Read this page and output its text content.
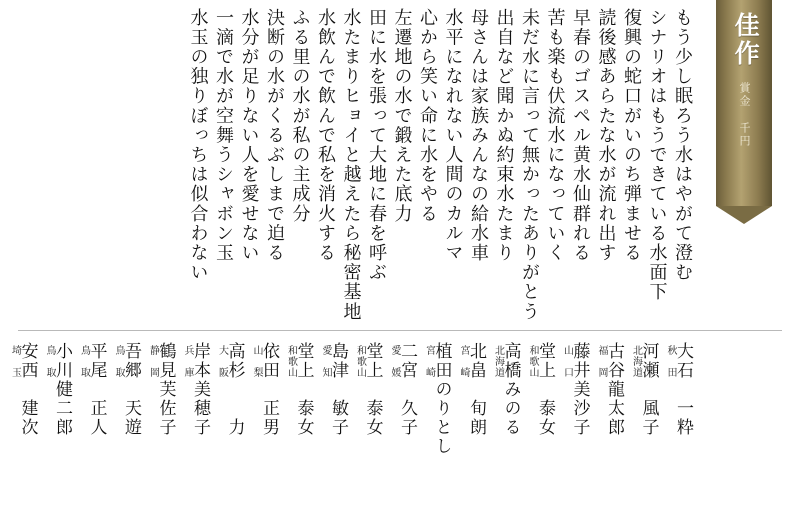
佳作
賞金 千円
もう少し眠ろう水はやがて澄む
シナリオはもうできている水面下
復興の蛇口がいのち弾ませる
読後感あらたな水が流れ出す
早春のゴスペル黄水仙群れる
苦も楽も伏流水になっていく
未だ水に言って無かったありがとう
出自など聞かぬ約束水たまり
母さんは家族みんなの給水車
水平になれない人間のカルマ
心から笑い命に水をやる
左遷地の水で鍛えた底力
田に水を張って大地に春を呼ぶ
水たまりヒョイと越えたら秘密基地
水飲んで飲んで私を消火する
ふる里の水が私の主成分
決断の水がくるぶしまで迫る
水分が足りない人を愛せない
一滴で水が空舞うシャボン玉
水玉の独りぼっちは似合わない
大石　一粋
秋　田
河瀬　風子
北海道
古谷龍太郎
福　岡
藤井美沙子
山　口
堂上　泰女
和歌山
高橋みのる
北海道
北畠　旬朗
宮　崎
植田のりとし
宮　崎
二宮　久子
愛　媛
堂上　泰女
和歌山
島津　敏子
愛　知
堂上　泰女
和歌山
依田　正男
山　梨
高杉　　力
大　阪
岸本美穂子
兵　庫
鶴見芙佐子
静　岡
吾郷　天遊
鳥　取
平尾　正人
鳥　取
小川健二郎
鳥　取
安西　建次
埼　玉
